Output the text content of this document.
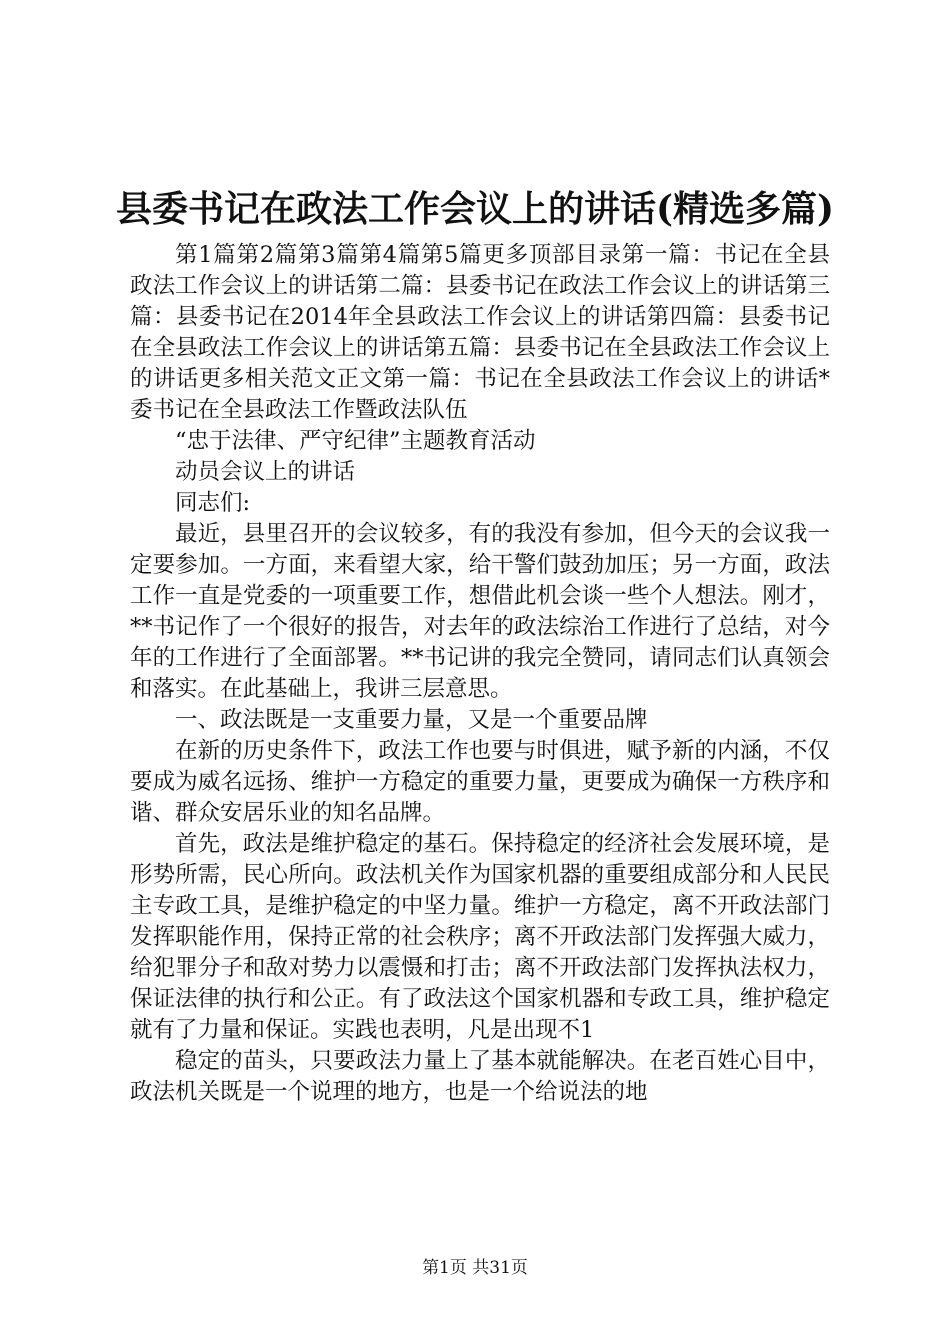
县委书记在政法工作会议上的讲话(精选多篇)

第1篇第2篇第3篇第4篇第5篇更多顶部目录第一篇：书记在全县政法工作会议上的讲话第二篇：县委书记在政法工作会议上的讲话第三篇：县委书记在2014年全县政法工作会议上的讲话第四篇：县委书记在全县政法工作会议上的讲话第五篇：县委书记在全县政法工作会议上的讲话更多相关范文正文第一篇：书记在全县政法工作会议上的讲话*委书记在全县政法工作暨政法队伍

“忠于法律、严守纪律”主题教育活动

动员会议上的讲话

同志们:

最近，县里召开的会议较多，有的我没有参加，但今天的会议我一定要参加。一方面，来看望大家，给干警们鼓劲加压；另一方面，政法工作一直是党委的一项重要工作，想借此机会谈一些个人想法。刚才，**书记作了一个很好的报告，对去年的政法综治工作进行了总结，对今年的工作进行了全面部署。**书记讲的我完全赞同，请同志们认真领会和落实。在此基础上，我讲三层意思。

一、政法既是一支重要力量，又是一个重要品牌

在新的历史条件下，政法工作也要与时俱进，赋予新的内涵，不仅要成为威名远扬、维护一方稳定的重要力量，更要成为确保一方秩序和谐、群众安居乐业的知名品牌。

首先，政法是维护稳定的基石。保持稳定的经济社会发展环境，是形势所需，民心所向。政法机关作为国家机器的重要组成部分和人民民主专政工具，是维护稳定的中坚力量。维护一方稳定，离不开政法部门发挥职能作用，保持正常的社会秩序；离不开政法部门发挥强大威力，给犯罪分子和敌对势力以震慑和打击；离不开政法部门发挥执法权力，保证法律的执行和公正。有了政法这个国家机器和专政工具，维护稳定就有了力量和保证。实践也表明，凡是出现不1

稳定的苗头，只要政法力量上了基本就能解决。在老百姓心目中，政法机关既是一个说理的地方，也是一个给说法的地

第1页 共31页
